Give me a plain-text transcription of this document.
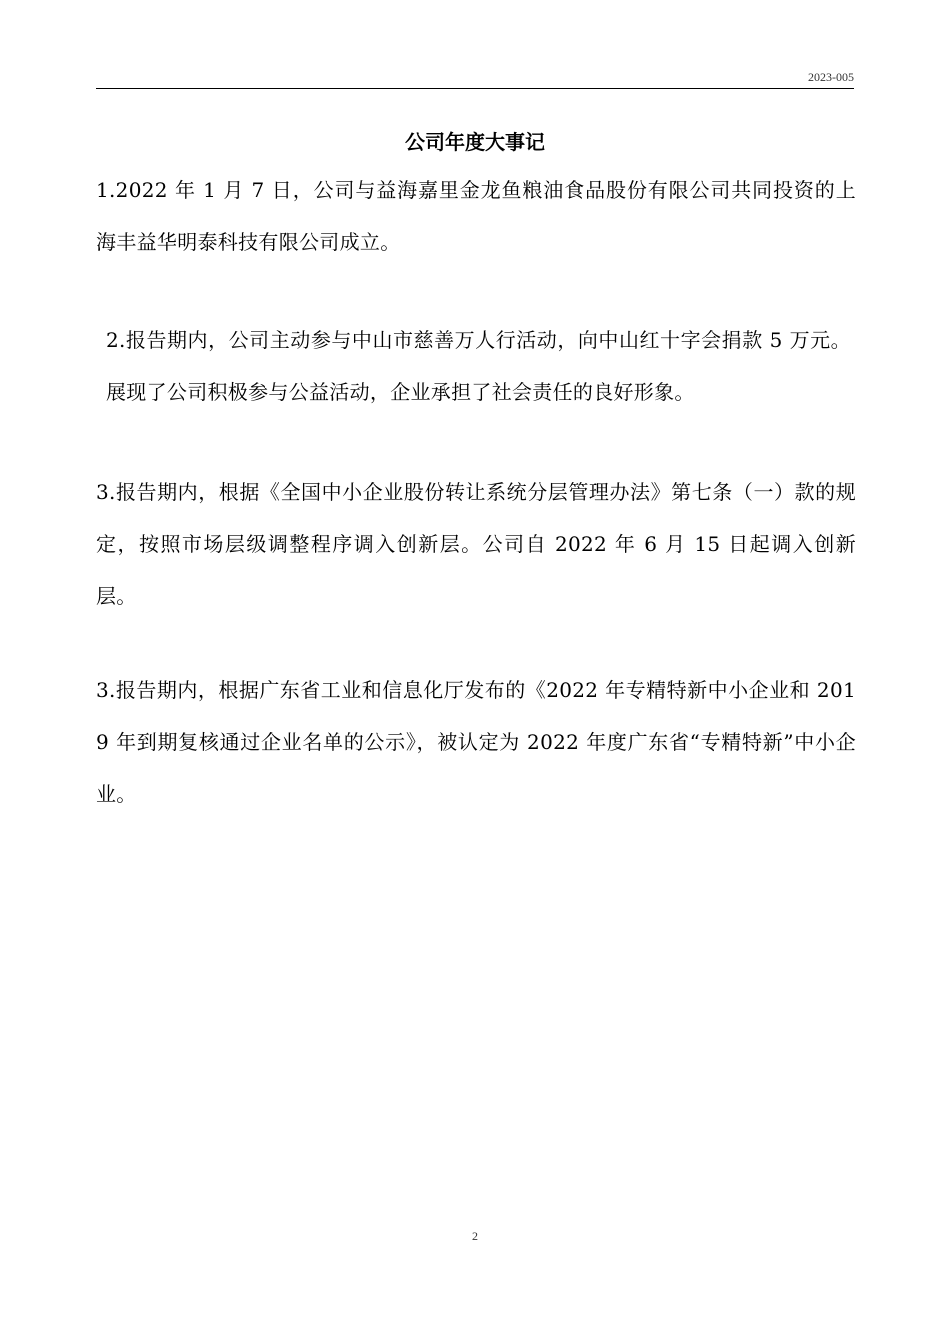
2023-005
公司年度大事记

1.2022 年 1 月 7 日，公司与益海嘉里金龙鱼粮油食品股份有限公司共同投资的上海丰益华明泰科技有限公司成立。

2.报告期内，公司主动参与中山市慈善万人行活动，向中山红十字会捐款 5 万元。展现了公司积极参与公益活动，企业承担了社会责任的良好形象。

3.报告期内，根据《全国中小企业股份转让系统分层管理办法》第七条（一）款的规定，按照市场层级调整程序调入创新层。公司自 2022 年 6 月 15 日起调入创新层。

3.报告期内，根据广东省工业和信息化厅发布的《2022 年专精特新中小企业和 2019 年到期复核通过企业名单的公示》，被认定为 2022 年度广东省“专精特新”中小企业。

2
